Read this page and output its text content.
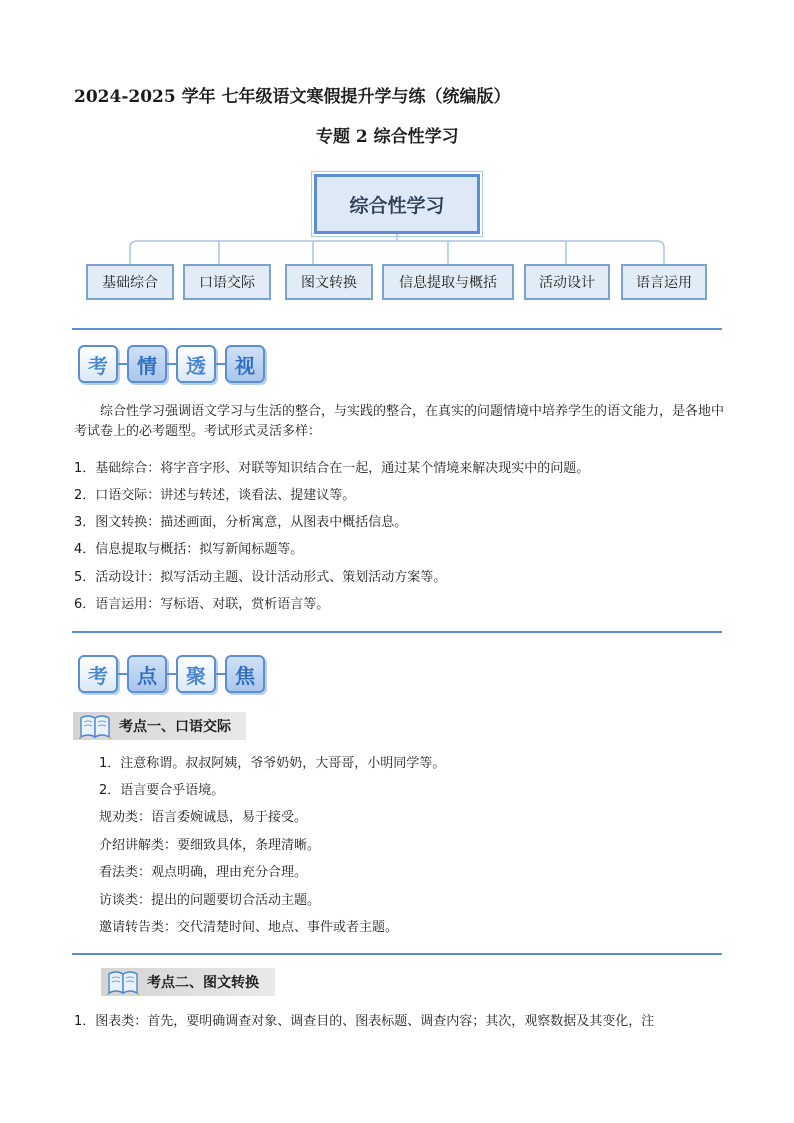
2024-2025 学年 七年级语文寒假提升学与练（统编版）
专题 2 综合性学习
综合性学习
基础综合	口语交际	图文转换	信息提取与概括	活动设计	语言运用
考	情	透	视
综合性学习强调语文学习与生活的整合，与实践的整合，在真实的问题情境中培养学生的语文能力，是各地中考试卷上的必考题型。考试形式灵活多样：
1．基础综合：将字音字形、对联等知识结合在一起，通过某个情境来解决现实中的问题。
2．口语交际：讲述与转述，谈看法、提建议等。
3．图文转换：描述画面，分析寓意，从图表中概括信息。
4．信息提取与概括：拟写新闻标题等。
5．活动设计：拟写活动主题、设计活动形式、策划活动方案等。
6．语言运用：写标语、对联，赏析语言等。
考	点	聚	焦
考点一、口语交际
1．注意称谓。叔叔阿姨，爷爷奶奶，大哥哥，小明同学等。
2．语言要合乎语境。
规劝类：语言委婉诚恳，易于接受。
介绍讲解类：要细致具体，条理清晰。
看法类：观点明确，理由充分合理。
访谈类：提出的问题要切合活动主题。
邀请转告类：交代清楚时间、地点、事件或者主题。
考点二、图文转换
1．图表类：首先，要明确调查对象、调查目的、图表标题、调查内容；其次，观察数据及其变化，注
